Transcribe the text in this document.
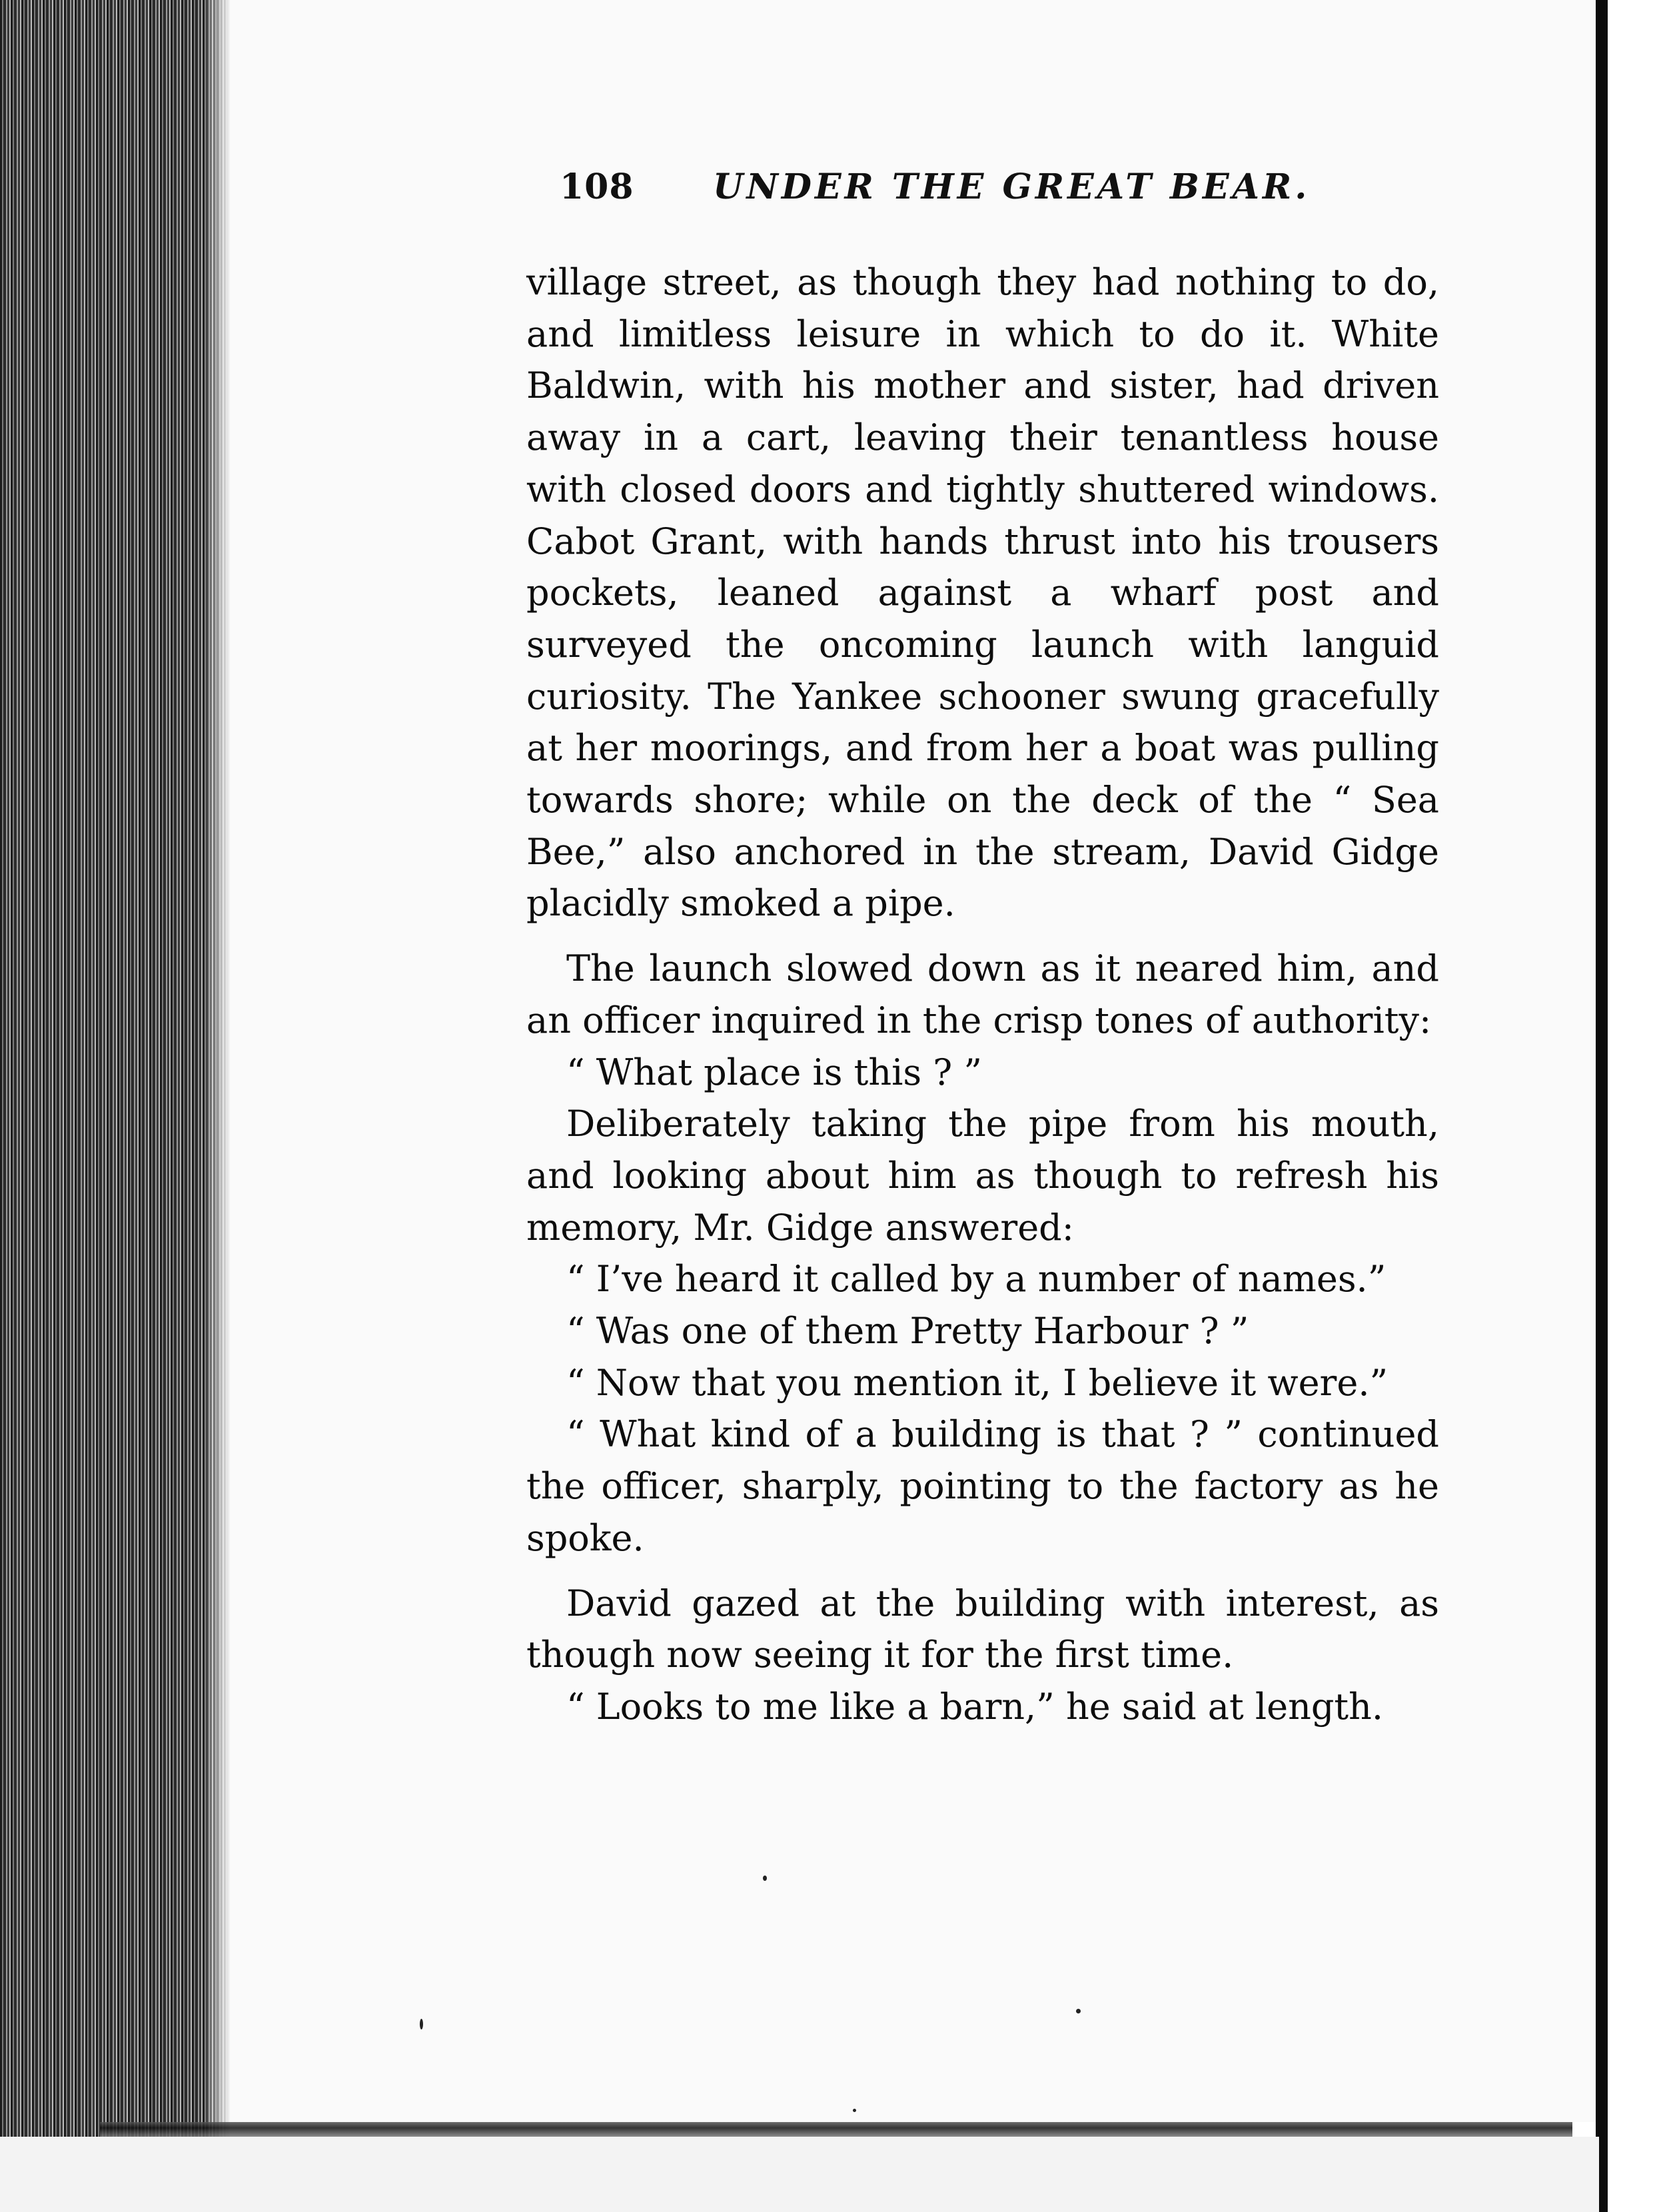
108 UNDER THE GREAT BEAR.

village street, as though they had nothing to do, and limitless leisure in which to do it. White Baldwin, with his mother and sister, had driven away in a cart, leaving their tenantless house with closed doors and tightly shuttered windows. Cabot Grant, with hands thrust into his trousers pockets, leaned against a wharf post and surveyed the oncoming launch with languid curiosity. The Yankee schooner swung gracefully at her moorings, and from her a boat was pulling towards shore; while on the deck of the “ Sea Bee,” also anchored in the stream, David Gidge placidly smoked a pipe.

The launch slowed down as it neared him, and an officer inquired in the crisp tones of authority:

“ What place is this ? ”

Deliberately taking the pipe from his mouth, and looking about him as though to refresh his memory, Mr. Gidge answered:

“ I’ve heard it called by a number of names.”

“ Was one of them Pretty Harbour ? ”

“ Now that you mention it, I believe it were.”

“ What kind of a building is that ? ” continued the officer, sharply, pointing to the factory as he spoke.

David gazed at the building with interest, as though now seeing it for the first time.

“ Looks to me like a barn,” he said at length.
